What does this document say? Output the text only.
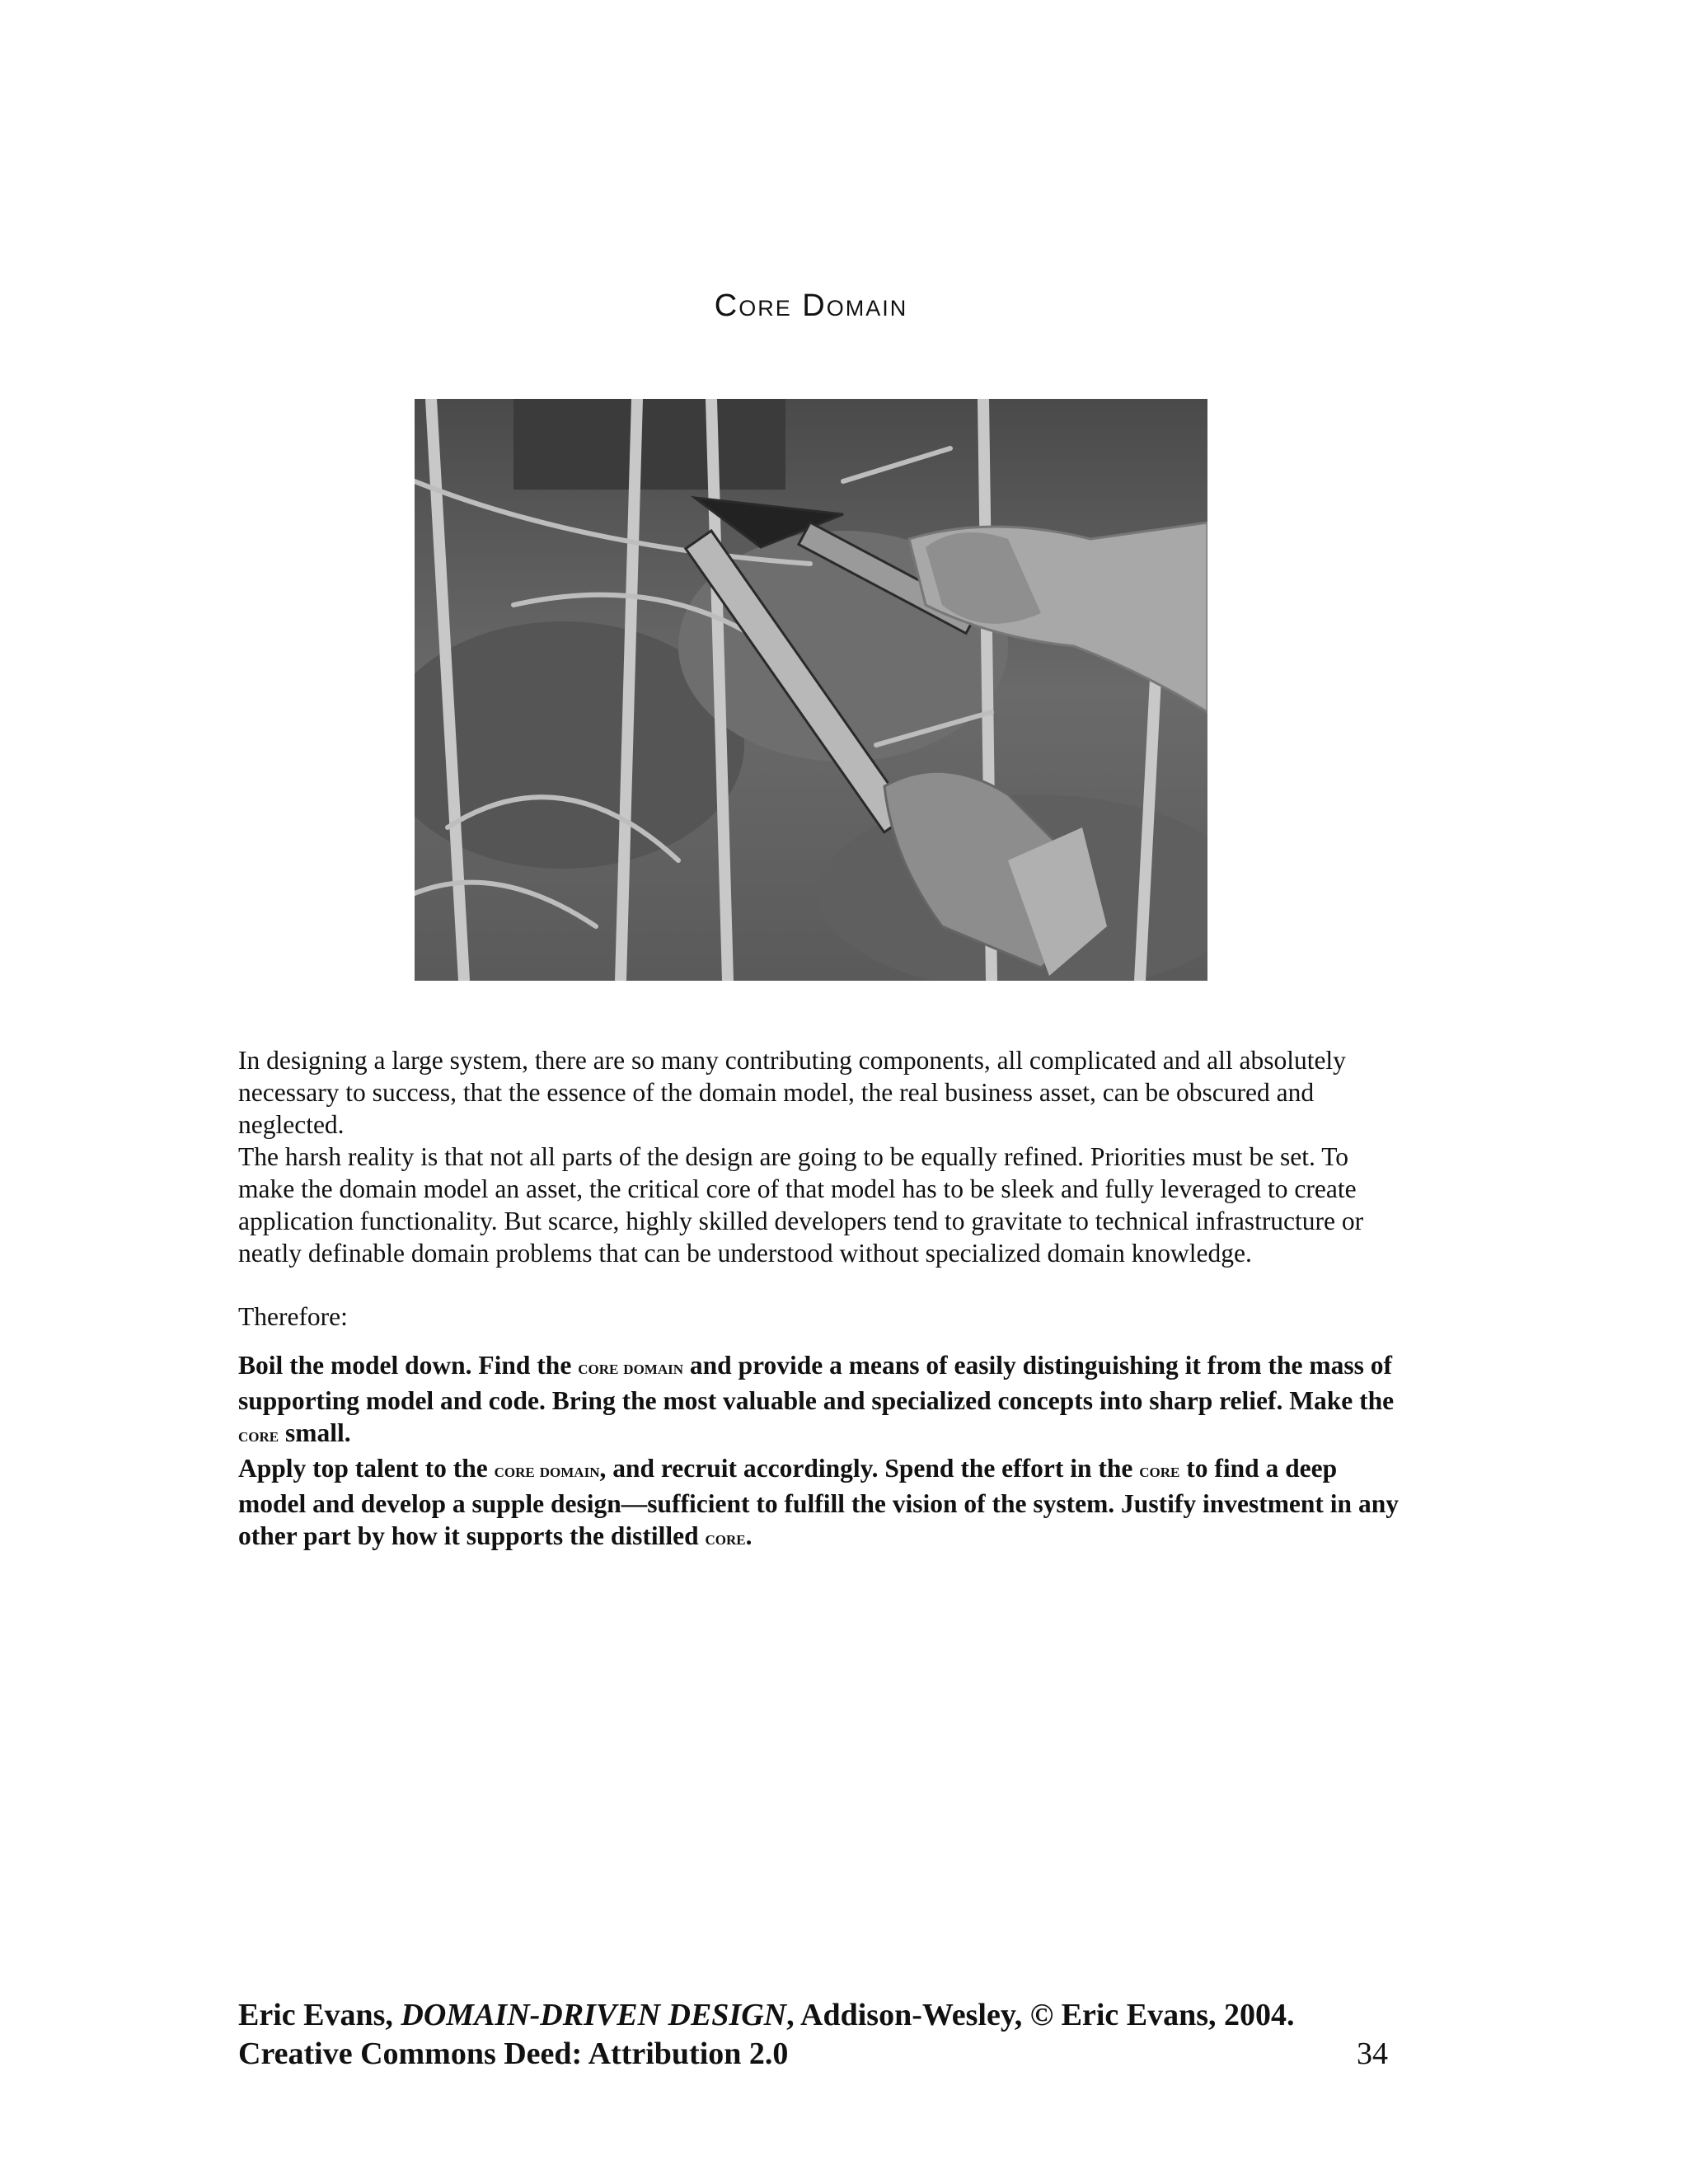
Core Domain

In designing a large system, there are so many contributing components, all complicated and all absolutely necessary to success, that the essence of the domain model, the real business asset, can be obscured and neglected.

The harsh reality is that not all parts of the design are going to be equally refined. Priorities must be set. To make the domain model an asset, the critical core of that model has to be sleek and fully leveraged to create application functionality. But scarce, highly skilled developers tend to gravitate to technical infrastructure or neatly definable domain problems that can be understood without specialized domain knowledge.

Therefore:

Boil the model down. Find the core domain and provide a means of easily distinguishing it from the mass of supporting model and code. Bring the most valuable and specialized concepts into sharp relief. Make the core small.

Apply top talent to the core domain, and recruit accordingly. Spend the effort in the core to find a deep model and develop a supple design—sufficient to fulfill the vision of the system. Justify investment in any other part by how it supports the distilled core.

Eric Evans, DOMAIN-DRIVEN DESIGN, Addison-Wesley, © Eric Evans, 2004.
Creative Commons Deed: Attribution 2.0	34
